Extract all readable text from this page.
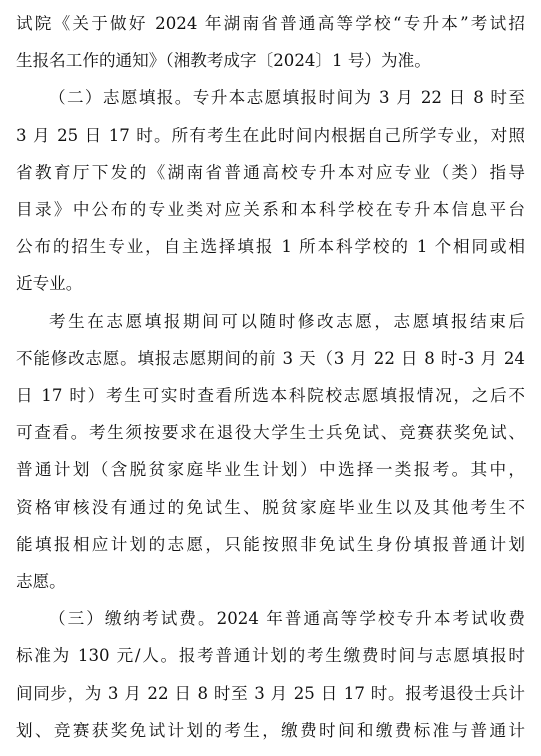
试院《关于做好 2024 年湖南省普通高等学校“专升本”考试招
生报名工作的通知》（湘教考成字〔2024〕1 号）为准。
（二）志愿填报。专升本志愿填报时间为 3 月 22 日 8 时至
3 月 25 日 17 时。所有考生在此时间内根据自己所学专业，对照
省教育厅下发的《湖南省普通高校专升本对应专业（类）指导
目录》中公布的专业类对应关系和本科学校在专升本信息平台
公布的招生专业，自主选择填报 1 所本科学校的 1 个相同或相
近专业。
考生在志愿填报期间可以随时修改志愿，志愿填报结束后
不能修改志愿。填报志愿期间的前 3 天（3 月 22 日 8 时-3 月 24
日 17 时）考生可实时查看所选本科院校志愿填报情况，之后不
可查看。考生须按要求在退役大学生士兵免试、竞赛获奖免试、
普通计划（含脱贫家庭毕业生计划）中选择一类报考。其中，
资格审核没有通过的免试生、脱贫家庭毕业生以及其他考生不
能填报相应计划的志愿，只能按照非免试生身份填报普通计划
志愿。
（三）缴纳考试费。2024 年普通高等学校专升本考试收费
标准为 130 元/人。报考普通计划的考生缴费时间与志愿填报时
间同步，为 3 月 22 日 8 时至 3 月 25 日 17 时。报考退役士兵计
划、竞赛获奖免试计划的考生，缴费时间和缴费标准与普通计
